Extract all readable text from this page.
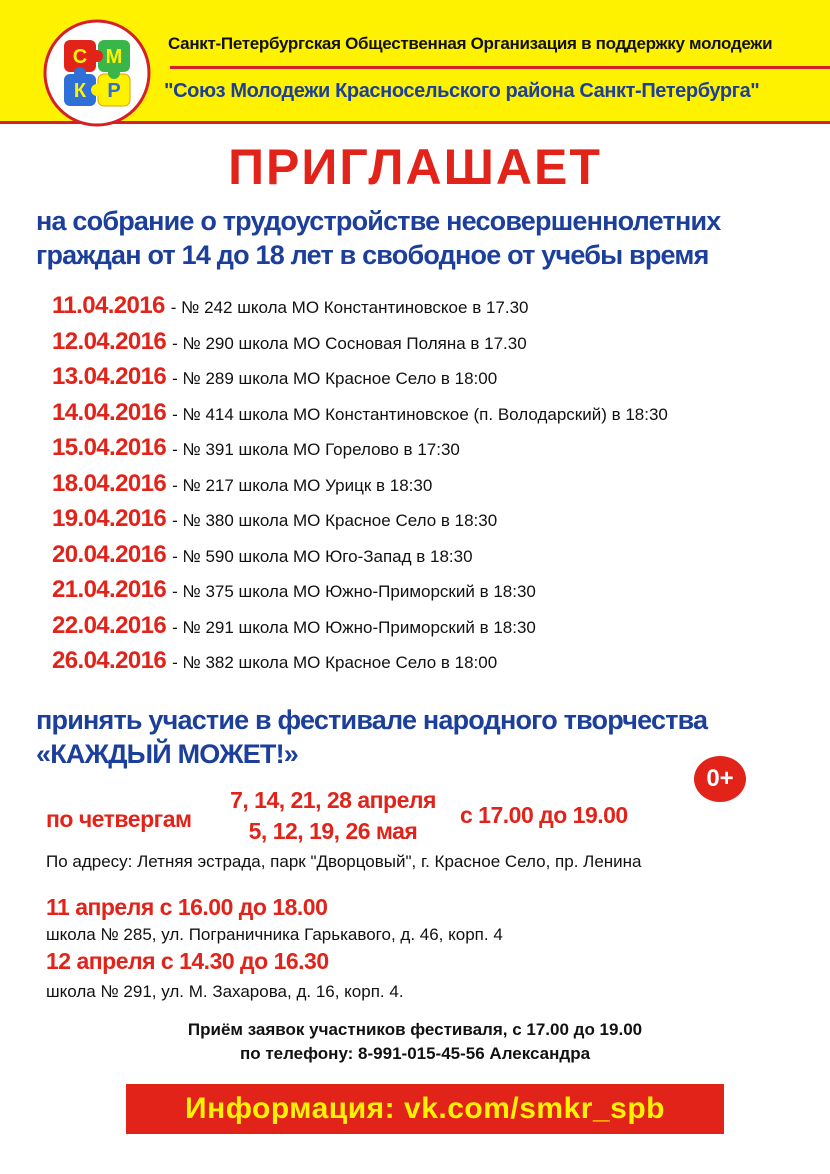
С М
К Р
Санкт-Петербургская Общественная Организация в поддержку молодежи
"Союз Молодежи Красносельского района Санкт-Петербурга"
ПРИГЛАШАЕТ
на собрание о трудоустройстве несовершеннолетних
граждан от 14 до 18 лет в свободное от учебы время
11.04.2016 - № 242 школа МО Константиновское в 17.30
12.04.2016 - № 290 школа МО Сосновая Поляна в 17.30
13.04.2016 - № 289 школа МО Красное Село в 18:00
14.04.2016 - № 414 школа МО Константиновское (п. Володарский) в 18:30
15.04.2016 - № 391 школа МО Горелово в 17:30
18.04.2016 - № 217 школа МО Урицк в 18:30
19.04.2016 - № 380 школа МО Красное Село в 18:30
20.04.2016 - № 590 школа МО Юго-Запад в 18:30
21.04.2016 - № 375 школа МО Южно-Приморский в 18:30
22.04.2016 - № 291 школа МО Южно-Приморский в 18:30
26.04.2016 - № 382 школа МО Красное Село в 18:00
принять участие в фестивале народного творчества
«КАЖДЫЙ МОЖЕТ!»
0+
по четвергам
7, 14, 21, 28 апреля
5, 12, 19, 26 мая
с 17.00 до 19.00
По адресу: Летняя эстрада, парк "Дворцовый", г. Красное Село, пр. Ленина
11 апреля с 16.00 до 18.00
школа № 285, ул. Пограничника Гарькавого, д. 46, корп. 4
12 апреля с 14.30 до 16.30
школа № 291, ул. М. Захарова, д. 16, корп. 4.
Приём заявок участников фестиваля, с 17.00 до 19.00
по телефону: 8-991-015-45-56 Александра
Информация: vk.com/smkr_spb
